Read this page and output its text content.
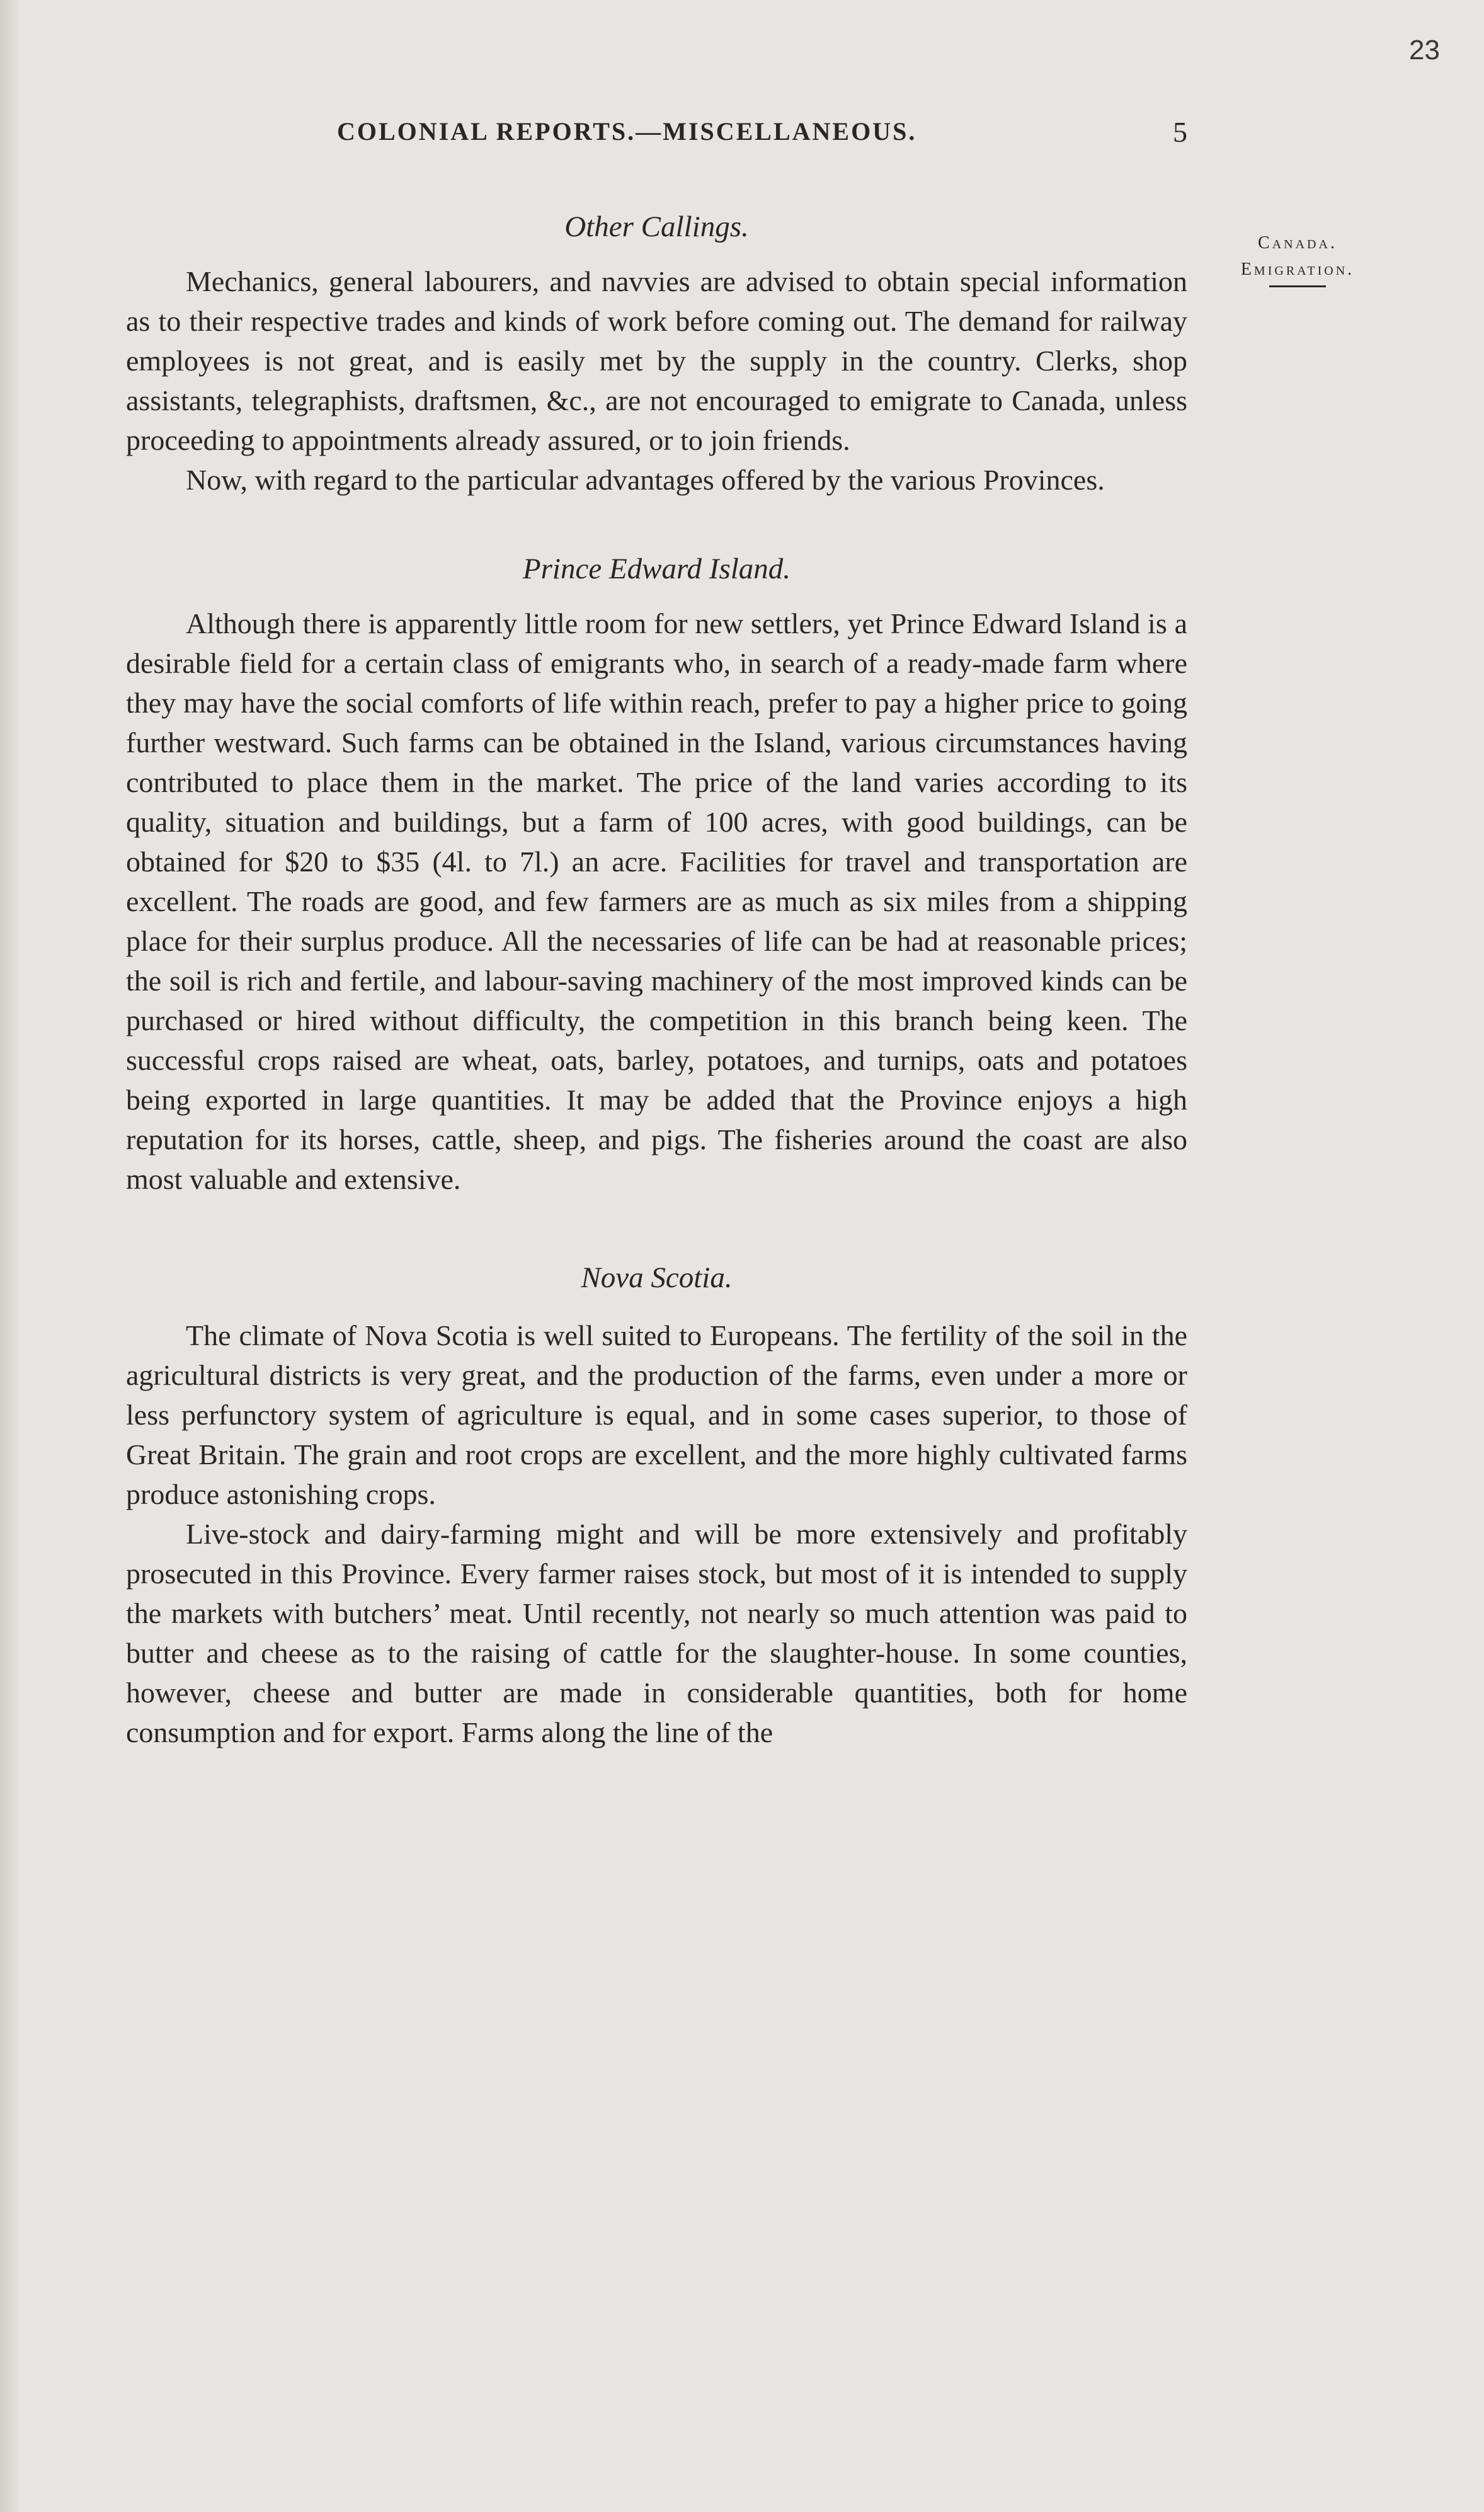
23
COLONIAL REPORTS.—MISCELLANEOUS.	5
Canada.
Emigration.
Other Callings.

Mechanics, general labourers, and navvies are advised to obtain special information as to their respective trades and kinds of work before coming out. The demand for railway employees is not great, and is easily met by the supply in the country. Clerks, shop assistants, telegraphists, draftsmen, &c., are not encouraged to emigrate to Canada, unless proceeding to appointments already assured, or to join friends.

Now, with regard to the particular advantages offered by the various Provinces.

Prince Edward Island.

Although there is apparently little room for new settlers, yet Prince Edward Island is a desirable field for a certain class of emigrants who, in search of a ready-made farm where they may have the social comforts of life within reach, prefer to pay a higher price to going further westward. Such farms can be obtained in the Island, various circumstances having contributed to place them in the market. The price of the land varies according to its quality, situation and buildings, but a farm of 100 acres, with good buildings, can be obtained for $20 to $35 (4l. to 7l.) an acre. Facilities for travel and transportation are excellent. The roads are good, and few farmers are as much as six miles from a shipping place for their surplus produce. All the necessaries of life can be had at reasonable prices; the soil is rich and fertile, and labour-saving machinery of the most improved kinds can be purchased or hired without difficulty, the competition in this branch being keen. The successful crops raised are wheat, oats, barley, potatoes, and turnips, oats and potatoes being exported in large quantities. It may be added that the Province enjoys a high reputation for its horses, cattle, sheep, and pigs. The fisheries around the coast are also most valuable and extensive.

Nova Scotia.

The climate of Nova Scotia is well suited to Europeans. The fertility of the soil in the agricultural districts is very great, and the production of the farms, even under a more or less perfunctory system of agriculture is equal, and in some cases superior, to those of Great Britain. The grain and root crops are excellent, and the more highly cultivated farms produce astonishing crops.

Live-stock and dairy-farming might and will be more extensively and profitably prosecuted in this Province. Every farmer raises stock, but most of it is intended to supply the markets with butchers’ meat. Until recently, not nearly so much attention was paid to butter and cheese as to the raising of cattle for the slaughter-house. In some counties, however, cheese and butter are made in considerable quantities, both for home consumption and for export. Farms along the line of the
